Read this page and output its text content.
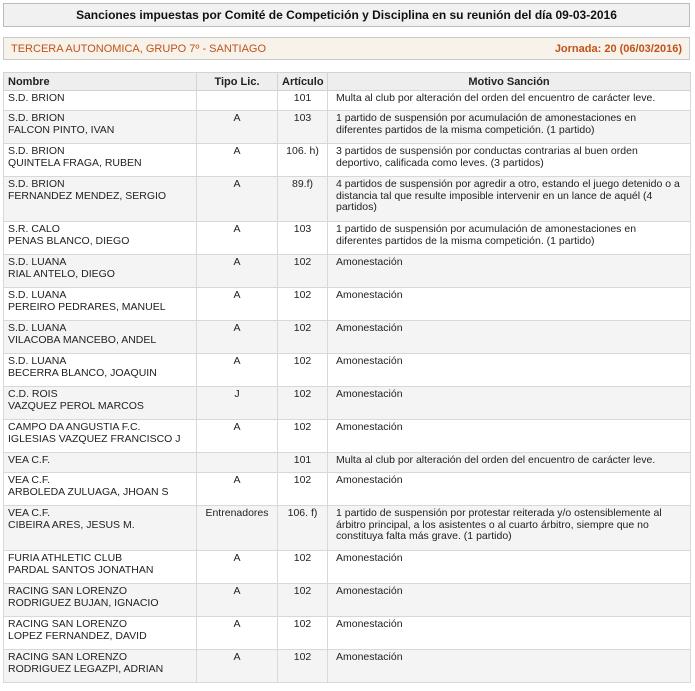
Sanciones impuestas por Comité de Competición y Disciplina en su reunión del día 09-03-2016
TERCERA AUTONOMICA, GRUPO 7º - SANTIAGO	Jornada: 20 (06/03/2016)
Nombre	Tipo Lic.	Artículo	Motivo Sanción

S.D. BRION		101	Multa al club por alteración del orden del encuentro de carácter leve.

S.D. BRION
FALCON PINTO, IVAN	A	103	1 partido de suspensión por acumulación de amonestaciones en diferentes partidos de la misma competición. (1 partido)

S.D. BRION
QUINTELA FRAGA, RUBEN	A	106. h)	3 partidos de suspensión por conductas contrarias al buen orden deportivo, calificada como leves. (3 partidos)

S.D. BRION
FERNANDEZ MENDEZ, SERGIO	A	89.f)	4 partidos de suspensión por agredir a otro, estando el juego detenido o a distancia tal que resulte imposible intervenir en un lance de aquél (4 partidos)

S.R. CALO
PENAS BLANCO, DIEGO	A	103	1 partido de suspensión por acumulación de amonestaciones en diferentes partidos de la misma competición. (1 partido)

S.D. LUAÑA
RIAL ANTELO, DIEGO	A	102	Amonestación

S.D. LUAÑA
PEREIRO PEDRARES, MANUEL	A	102	Amonestación

S.D. LUAÑA
VILACOBA MANCEBO, ANDEL	A	102	Amonestación

S.D. LUAÑA
BECERRA BLANCO, JOAQUIN	A	102	Amonestación

C.D. ROIS
VAZQUEZ PEROL MARCOS	J	102	Amonestación

CAMPO DA ANGUSTIA F.C.
IGLESIAS VAZQUEZ FRANCISCO J	A	102	Amonestación

VEA C.F.		101	Multa al club por alteración del orden del encuentro de carácter leve.

VEA C.F.
ARBOLEDA ZULUAGA, JHOAN S	A	102	Amonestación

VEA C.F.
CIBEIRA ARES, JESUS M.	Entrenadores	106. f)	1 partido de suspensión por protestar reiterada y/o ostensiblemente al árbitro principal, a los asistentes o al cuarto árbitro, siempre que no constituya falta más grave. (1 partido)

FURIA ATHLETIC CLUB
PARDAL SANTOS JONATHAN	A	102	Amonestación

RACING SAN LORENZO
RODRIGUEZ BUJAN, IGNACIO	A	102	Amonestación

RACING SAN LORENZO
LOPEZ FERNANDEZ, DAVID	A	102	Amonestación

RACING SAN LORENZO
RODRIGUEZ LEGAZPI, ADRIAN	A	102	Amonestación
